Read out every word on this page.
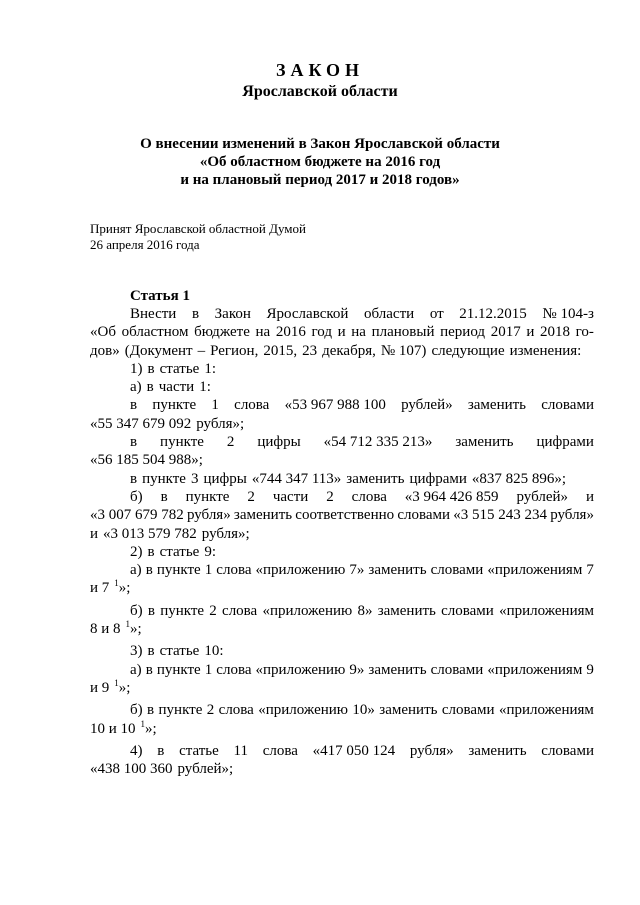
ЗАКОН
Ярославской области
О внесении изменений в Закон Ярославской области
«Об областном бюджете на 2016 год
и на плановый период 2017 и 2018 годов»
Принят Ярославской областной Думой
26 апреля 2016 года
Статья 1
Внести в Закон Ярославской области от 21.12.2015 № 104-з
«Об областном бюджете на 2016 год и на плановый период 2017 и 2018 го-
дов» (Документ – Регион, 2015, 23 декабря, № 107) следующие изменения:
1) в статье 1:
а) в части 1:
в пункте 1 слова «53 967 988 100 рублей» заменить словами
«55 347 679 092 рубля»;
в пункте 2 цифры «54 712 335 213» заменить цифрами
«56 185 504 988»;
в пункте 3 цифры «744 347 113» заменить цифрами «837 825 896»;
б) в пункте 2 части 2 слова «3 964 426 859 рублей» и
«3 007 679 782 рубля» заменить соответственно словами «3 515 243 234 рубля»
и «3 013 579 782 рубля»;
2) в статье 9:
а) в пункте 1 слова «приложению 7» заменить словами «приложениям 7
и 7 $^1$»;
б) в пункте 2 слова «приложению 8» заменить словами «приложениям
8 и 8 $^1$»;
3) в статье 10:
а) в пункте 1 слова «приложению 9» заменить словами «приложениям 9
и 9 $^1$»;
б) в пункте 2 слова «приложению 10» заменить словами «приложениям
10 и 10 $^1$»;
4) в статье 11 слова «417 050 124 рубля» заменить словами
«438 100 360 рублей»;
